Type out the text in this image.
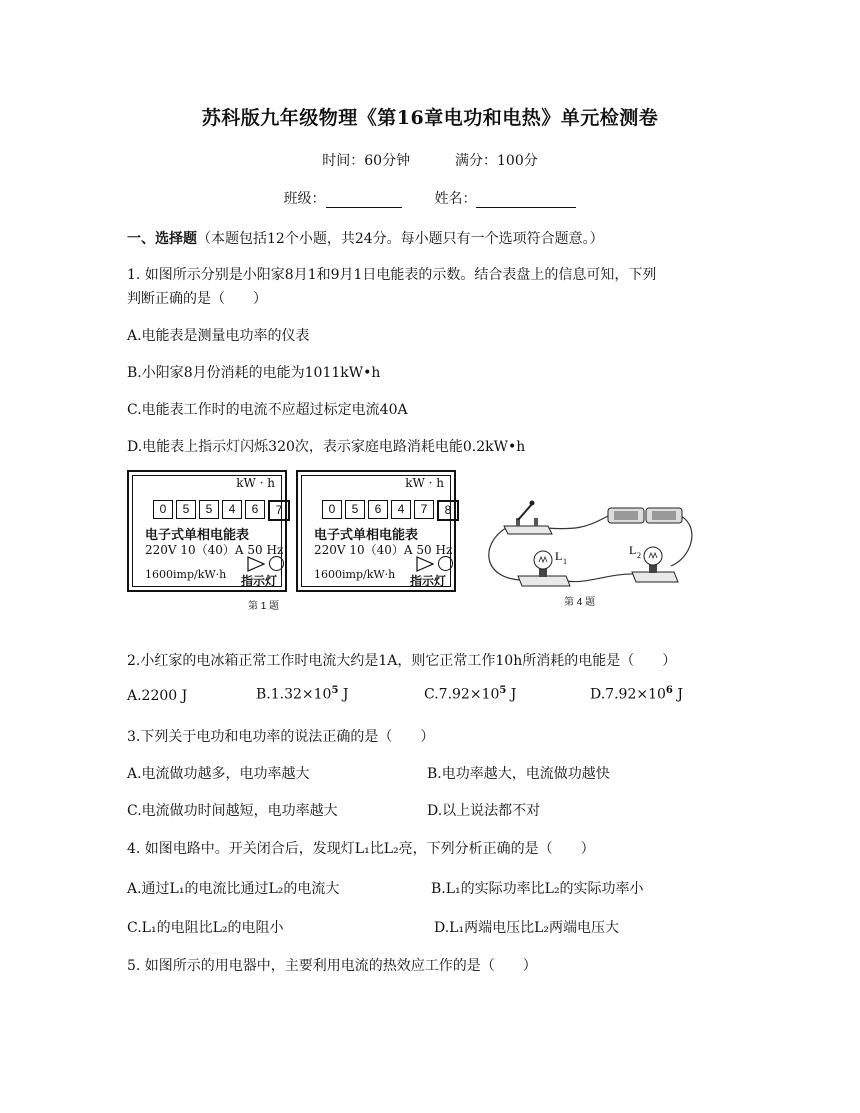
苏科版九年级物理《第16章电功和电热》单元检测卷
时间：60分钟	满分：100分
班级：	姓名：
一、选择题（本题包括12个小题，共24分。每小题只有一个选项符合题意。）
1. 如图所示分别是小阳家8月1和9月1日电能表的示数。结合表盘上的信息可知，下列
判断正确的是（　　）
A.电能表是测量电功率的仪表
B.小阳家8月份消耗的电能为1011kW•h
C.电能表工作时的电流不应超过标定电流40A
D.电能表上指示灯闪烁320次，表示家庭电路消耗电能0.2kW•h
kW · h
0	5	5	4	6	7
电子式单相电能表
220V 10（40）A 50 Hz
1600imp/kW·h 指示灯
第 1 题
kW · h
0	5	6	4	7	8
电子式单相电能表
220V 10（40）A 50 Hz
1600imp/kW·h 指示灯
L 1
L 2
第 4 题
2.小红家的电冰箱正常工作时电流大约是1A，则它正常工作10h所消耗的电能是（　　）
A.2200 J	$B.1.32\times 10^5$ J	$C.7.92\times 10^5$ J	$D.7.92\times 10^6$ J
3.下列关于电功和电功率的说法正确的是（　　）
A.电流做功越多，电功率越大	B.电功率越大，电流做功越快
C.电流做功时间越短，电功率越大	D.以上说法都不对
4. 如图电路中。开关闭合后，发现灯L₁比L₂亮，下列分析正确的是（　　）
A.通过L₁的电流比通过L₂的电流大	B.L₁的实际功率比L₂的实际功率小
C.L₁的电阻比L₂的电阻小	D.L₁两端电压比L₂两端电压大
5. 如图所示的用电器中，主要利用电流的热效应工作的是（　　）
